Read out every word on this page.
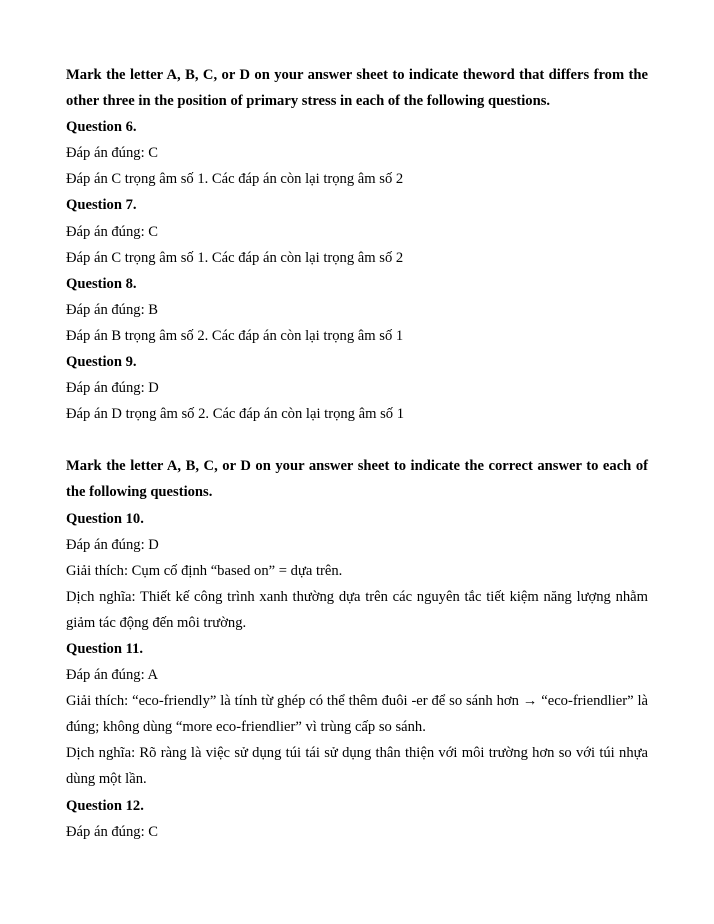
Mark the letter A, B, C, or D on your answer sheet to indicate theword that differs from the other three in the position of primary stress in each of the following questions.
Question 6.
Đáp án đúng: C
Đáp án C trọng âm số 1. Các đáp án còn lại trọng âm số 2
Question 7.
Đáp án đúng: C
Đáp án C trọng âm số 1. Các đáp án còn lại trọng âm số 2
Question 8.
Đáp án đúng: B
Đáp án B trọng âm số 2. Các đáp án còn lại trọng âm số 1
Question 9.
Đáp án đúng: D
Đáp án D trọng âm số 2. Các đáp án còn lại trọng âm số 1
Mark the letter A, B, C, or D on your answer sheet to indicate the correct answer to each of the following questions.
Question 10.
Đáp án đúng: D
Giải thích: Cụm cố định “based on” = dựa trên.
Dịch nghĩa: Thiết kế công trình xanh thường dựa trên các nguyên tắc tiết kiệm năng lượng nhằm giảm tác động đến môi trường.
Question 11.
Đáp án đúng: A
Giải thích: “eco-friendly” là tính từ ghép có thể thêm đuôi -er để so sánh hơn → “eco-friendlier” là đúng; không dùng “more eco-friendlier” vì trùng cấp so sánh.
Dịch nghĩa: Rõ ràng là việc sử dụng túi tái sử dụng thân thiện với môi trường hơn so với túi nhựa dùng một lần.
Question 12.
Đáp án đúng: C
